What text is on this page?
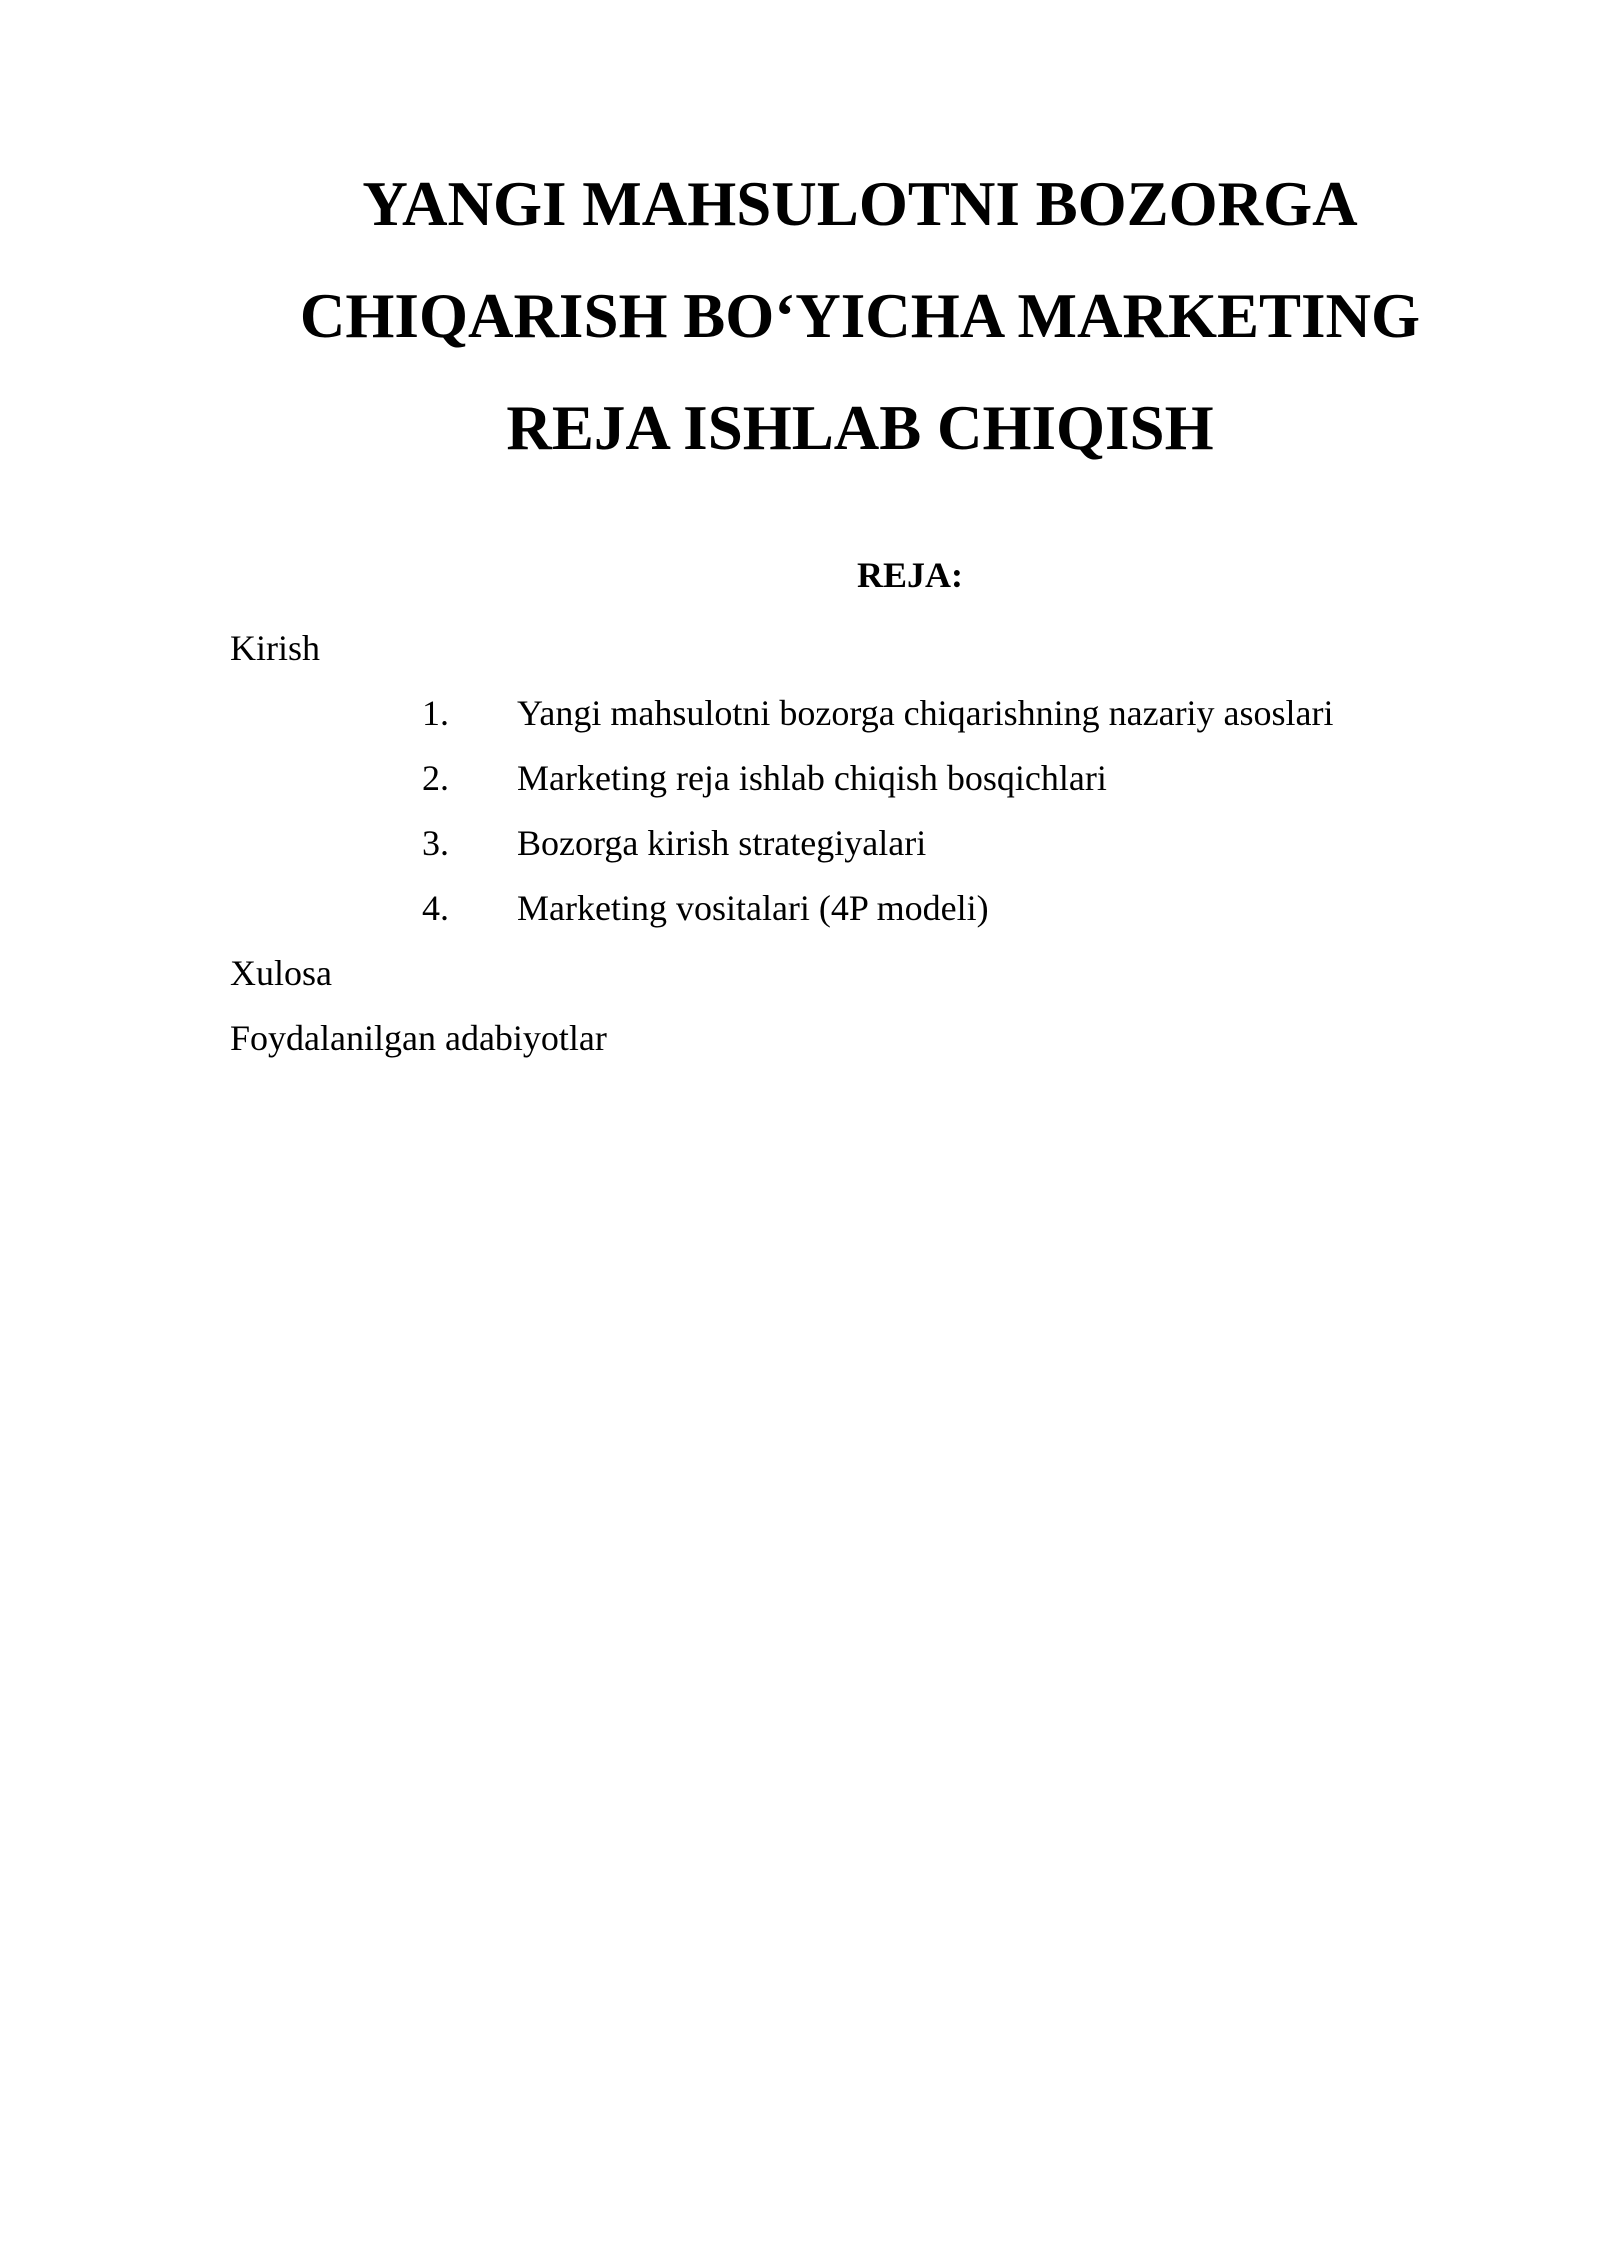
YANGI MAHSULOTNI BOZORGA
CHIQARISH BO‘YICHA MARKETING
REJA ISHLAB CHIQISH
REJA:
Kirish
1. Yangi mahsulotni bozorga chiqarishning nazariy asoslari
2. Marketing reja ishlab chiqish bosqichlari
3. Bozorga kirish strategiyalari
4. Marketing vositalari (4P modeli)
Xulosa
Foydalanilgan adabiyotlar
